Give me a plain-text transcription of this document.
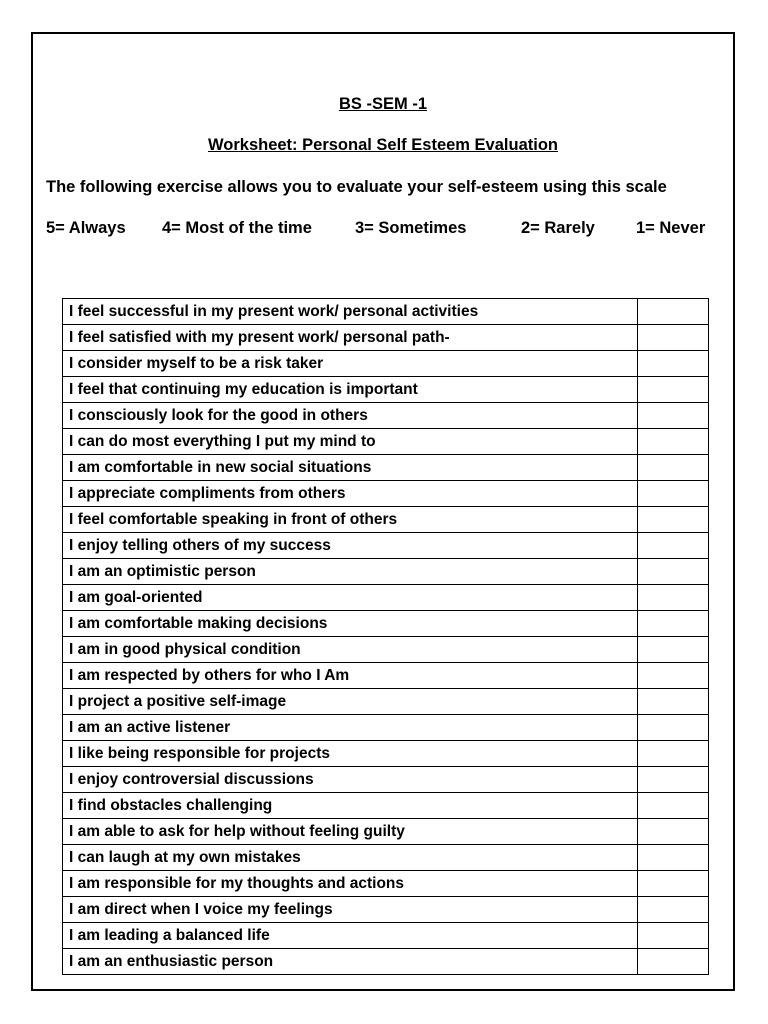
BS -SEM -1
Worksheet: Personal Self Esteem Evaluation
The following exercise allows you to evaluate your self-esteem using this scale
5= Always 4= Most of the time	3= Sometimes	2= Rarely 1= Never
I feel successful in my present work/ personal activities	
I feel satisfied with my present work/ personal path-	
I consider myself to be a risk taker	
I feel that continuing my education is important	
I consciously look for the good in others	
I can do most everything I put my mind to	
I am comfortable in new social situations	
I appreciate compliments from others	
I feel comfortable speaking in front of others	
I enjoy telling others of my success	
I am an optimistic person	
I am goal-oriented	
I am comfortable making decisions	
I am in good physical condition	
I am respected by others for who I Am	
I project a positive self-image	
I am an active listener	
I like being responsible for projects	
I enjoy controversial discussions	
I find obstacles challenging	
I am able to ask for help without feeling guilty	
I can laugh at my own mistakes	
I am responsible for my thoughts and actions	
I am direct when I voice my feelings	
I am leading a balanced life	
I am an enthusiastic person	
